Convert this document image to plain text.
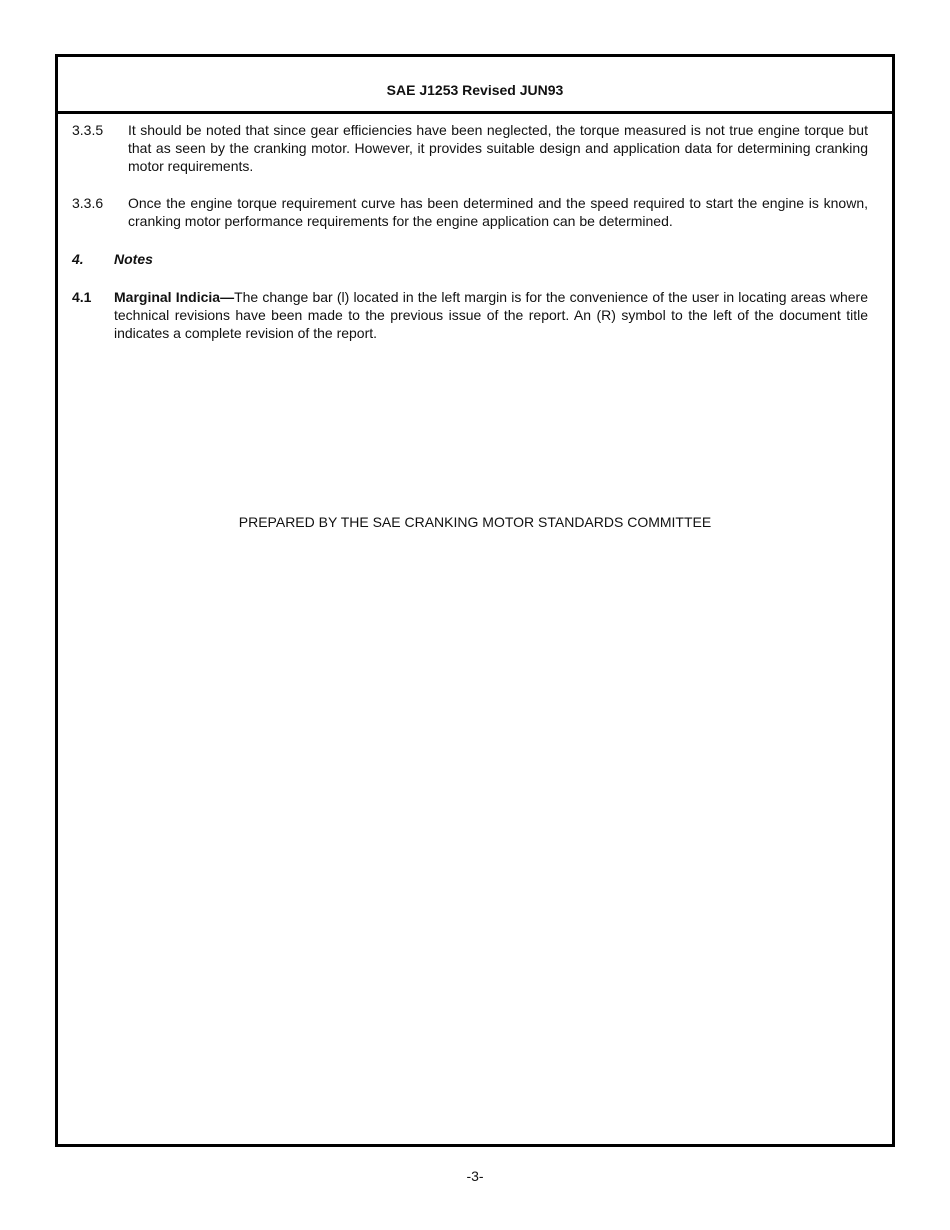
SAE J1253 Revised JUN93
3.3.5	It should be noted that since gear efficiencies have been neglected, the torque measured is not true engine torque but that as seen by the cranking motor. However, it provides suitable design and application data for determining cranking motor requirements.
3.3.6	Once the engine torque requirement curve has been determined and the speed required to start the engine is known, cranking motor performance requirements for the engine application can be determined.
4.	Notes
4.1	Marginal Indicia—The change bar (l) located in the left margin is for the convenience of the user in locating areas where technical revisions have been made to the previous issue of the report. An (R) symbol to the left of the document title indicates a complete revision of the report.
PREPARED BY THE SAE CRANKING MOTOR STANDARDS COMMITTEE
-3-
